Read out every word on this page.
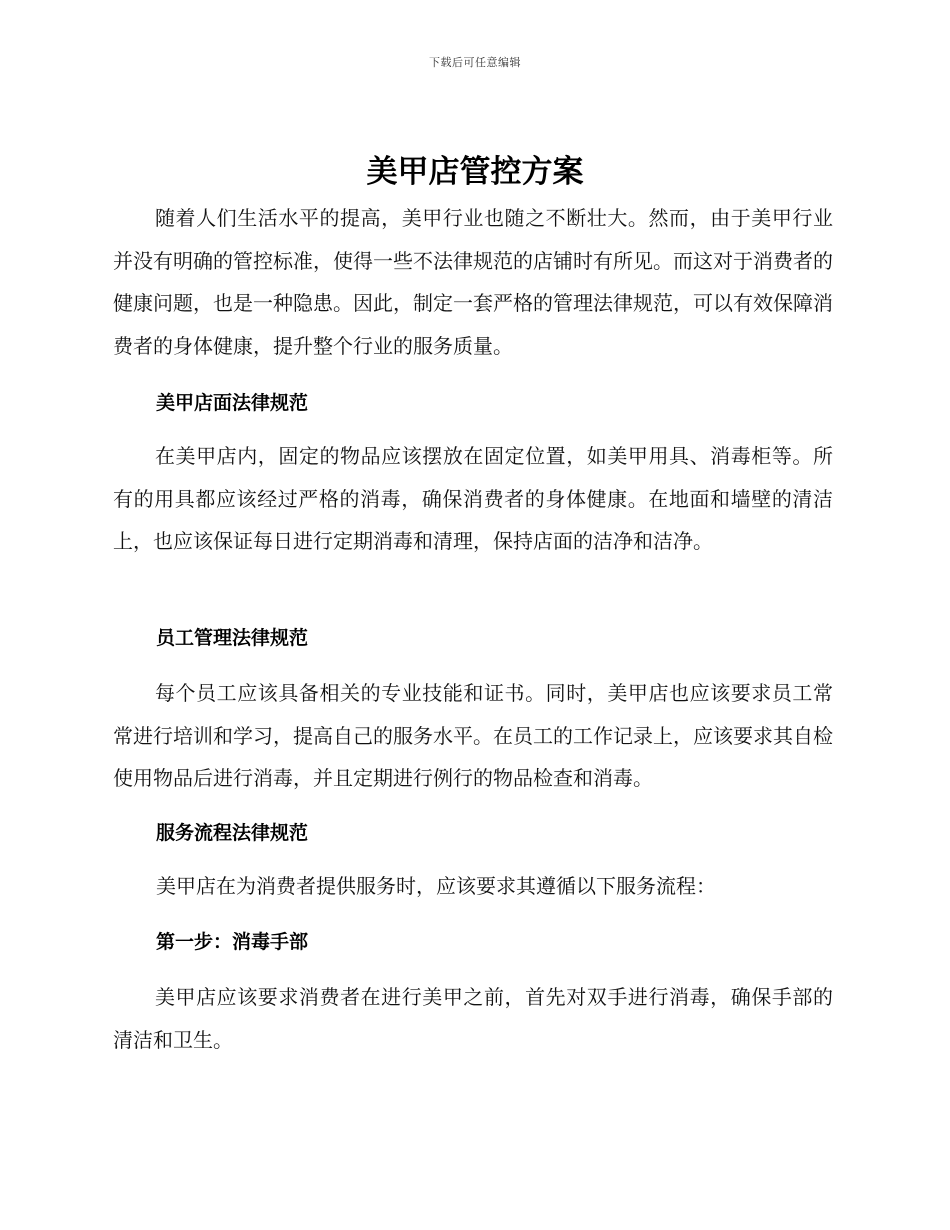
下载后可任意编辑
美甲店管控方案

随着人们生活水平的提高，美甲行业也随之不断壮大。然而，由于美甲行业并没有明确的管控标准，使得一些不法律规范的店铺时有所见。而这对于消费者的健康问题，也是一种隐患。因此，制定一套严格的管理法律规范，可以有效保障消费者的身体健康，提升整个行业的服务质量。

美甲店面法律规范

在美甲店内，固定的物品应该摆放在固定位置，如美甲用具、消毒柜等。所有的用具都应该经过严格的消毒，确保消费者的身体健康。在地面和墙壁的清洁上，也应该保证每日进行定期消毒和清理，保持店面的洁净和洁净。

员工管理法律规范

每个员工应该具备相关的专业技能和证书。同时，美甲店也应该要求员工常常进行培训和学习，提高自己的服务水平。在员工的工作记录上，应该要求其自检使用物品后进行消毒，并且定期进行例行的物品检查和消毒。

服务流程法律规范
美甲店在为消费者提供服务时，应该要求其遵循以下服务流程：
第一步：消毒手部

美甲店应该要求消费者在进行美甲之前，首先对双手进行消毒，确保手部的清洁和卫生。
